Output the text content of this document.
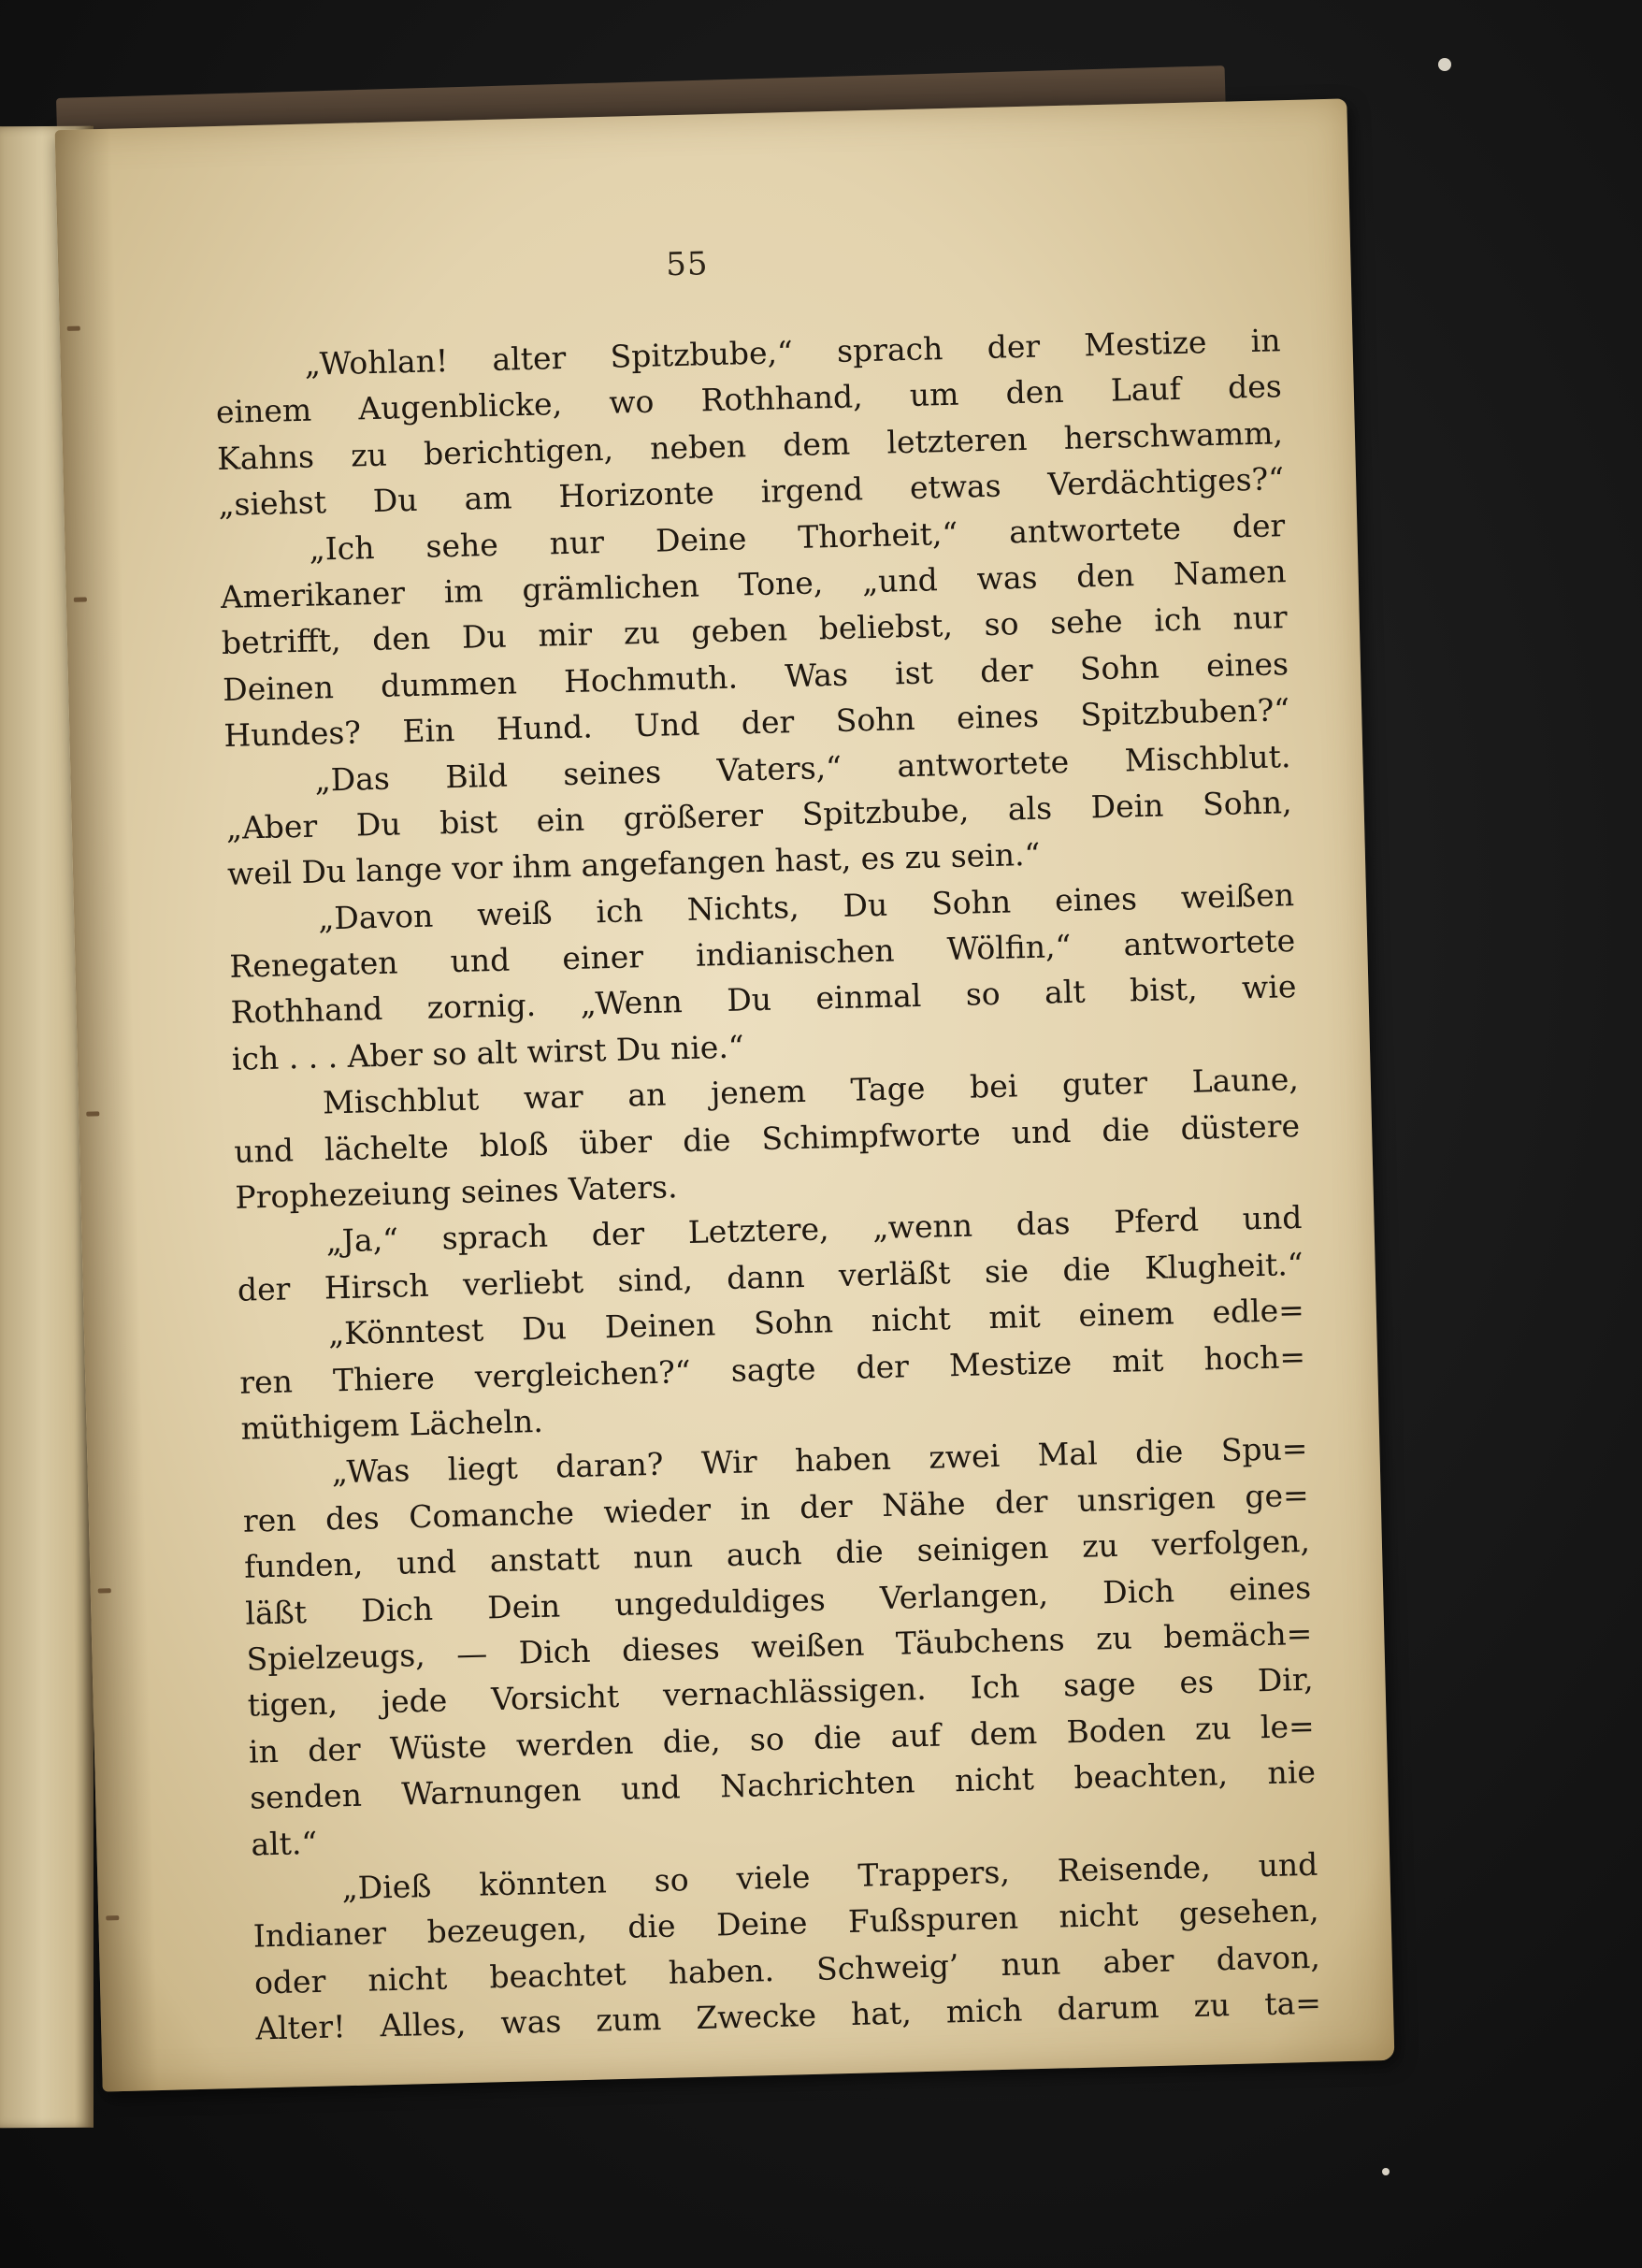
55
„Wohlan! alter Spitzbube,“ sprach der Mestize in
einem Augenblicke, wo Rothhand, um den Lauf des
Kahns zu berichtigen, neben dem letzteren herschwamm,
„siehst Du am Horizonte irgend etwas Verdächtiges?“
„Ich sehe nur Deine Thorheit,“ antwortete der
Amerikaner im grämlichen Tone, „und was den Namen
betrifft, den Du mir zu geben beliebst, so sehe ich nur
Deinen dummen Hochmuth. Was ist der Sohn eines
Hundes? Ein Hund. Und der Sohn eines Spitzbuben?“
„Das Bild seines Vaters,“ antwortete Mischblut.
„Aber Du bist ein größerer Spitzbube, als Dein Sohn,
weil Du lange vor ihm angefangen hast, es zu sein.“
„Davon weiß ich Nichts, Du Sohn eines weißen
Renegaten und einer indianischen Wölfin,“ antwortete
Rothhand zornig. „Wenn Du einmal so alt bist, wie
ich . . . Aber so alt wirst Du nie.“
Mischblut war an jenem Tage bei guter Laune,
und lächelte bloß über die Schimpfworte und die düstere
Prophezeiung seines Vaters.
„Ja,“ sprach der Letztere, „wenn das Pferd und
der Hirsch verliebt sind, dann verläßt sie die Klugheit.“
„Könntest Du Deinen Sohn nicht mit einem edle=
ren Thiere vergleichen?“ sagte der Mestize mit hoch=
müthigem Lächeln.
„Was liegt daran? Wir haben zwei Mal die Spu=
ren des Comanche wieder in der Nähe der unsrigen ge=
funden, und anstatt nun auch die seinigen zu verfolgen,
läßt Dich Dein ungeduldiges Verlangen, Dich eines
Spielzeugs, — Dich dieses weißen Täubchens zu bemäch=
tigen, jede Vorsicht vernachlässigen. Ich sage es Dir,
in der Wüste werden die, so die auf dem Boden zu le=
senden Warnungen und Nachrichten nicht beachten, nie
alt.“
„Dieß könnten so viele Trappers, Reisende, und
Indianer bezeugen, die Deine Fußspuren nicht gesehen,
oder nicht beachtet haben. Schweig’ nun aber davon,
Alter! Alles, was zum Zwecke hat, mich darum zu ta=
